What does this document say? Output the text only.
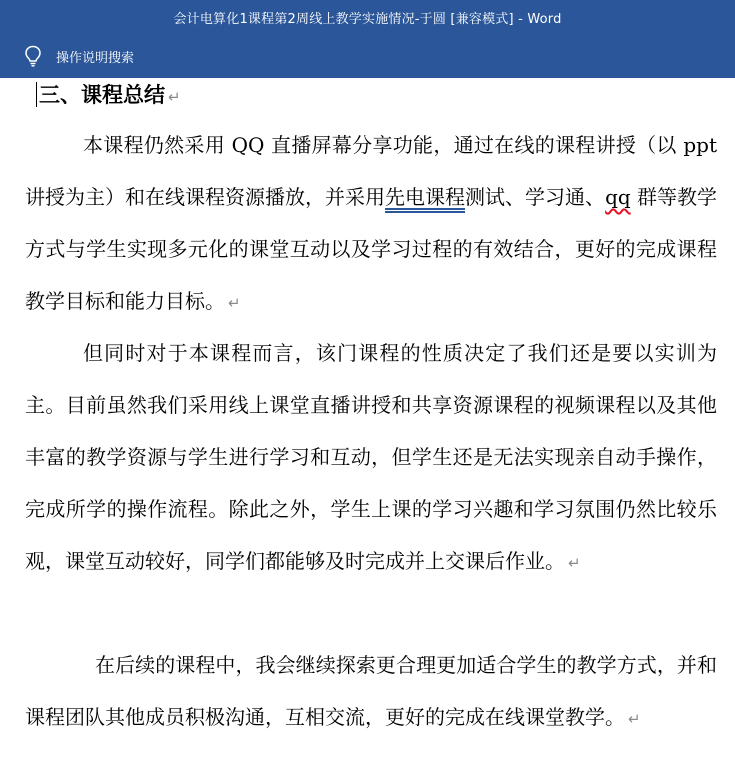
会计电算化1课程第2周线上教学实施情况-于圆 [兼容模式] - Word
操作说明搜索
三、课程总结 ↵

本课程仍然采用 QQ 直播屏幕分享功能，通过在线的课程讲授（以 ppt 讲授为主）和在线课程资源播放，并采用先电课程测试、学习通、qq 群等教学方式与学生实现多元化的课堂互动以及学习过程的有效结合，更好的完成课程教学目标和能力目标。 ↵

但同时对于本课程而言，该门课程的性质决定了我们还是要以实训为主。目前虽然我们采用线上课堂直播讲授和共享资源课程的视频课程以及其他丰富的教学资源与学生进行学习和互动，但学生还是无法实现亲自动手操作，完成所学的操作流程。除此之外，学生上课的学习兴趣和学习氛围仍然比较乐观，课堂互动较好，同学们都能够及时完成并上交课后作业。 ↵

在后续的课程中，我会继续探索更合理更加适合学生的教学方式，并和课程团队其他成员积极沟通，互相交流，更好的完成在线课堂教学。 ↵
